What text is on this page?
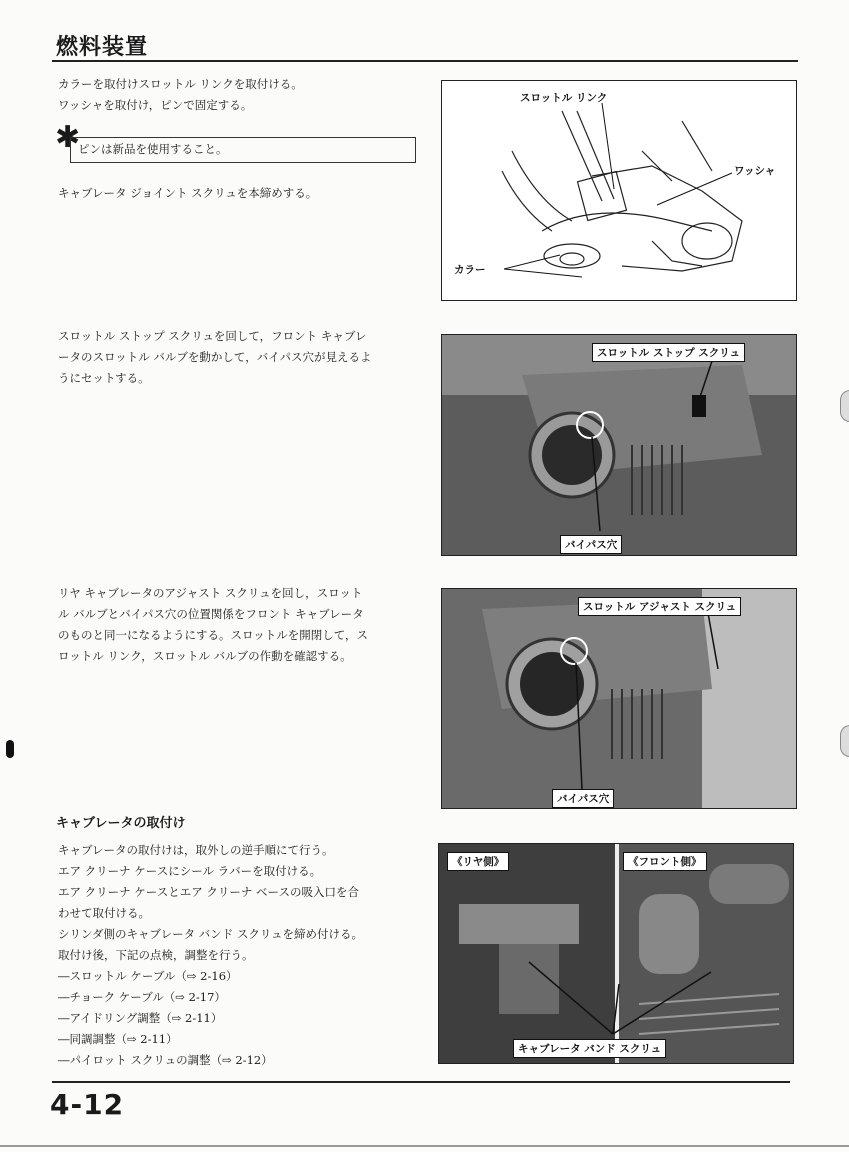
燃料装置
カラーを取付けスロットル リンクを取付ける。
ワッシャを取付け，ピンで固定する。
✱
ピンは新品を使用すること。
キャブレータ ジョイント スクリュを本締めする。
スロットル リンク
ワッシャ
カラー
スロットル ストップ スクリュを回して，フロント キャブレ
ータのスロットル バルブを動かして，バイパス穴が見えるよ
うにセットする。
スロットル ストップ スクリュ
バイパス穴
リヤ キャブレータのアジャスト スクリュを回し，スロット
ル バルブとバイパス穴の位置関係をフロント キャブレータ
のものと同一になるようにする。スロットルを開閉して，ス
ロットル リンク，スロットル バルブの作動を確認する。
スロットル アジャスト スクリュ
バイパス穴
キャブレータの取付け
キャブレータの取付けは，取外しの逆手順にて行う。
エア クリーナ ケースにシール ラバーを取付ける。
エア クリーナ ケースとエア クリーナ ベースの吸入口を合
わせて取付ける。
シリンダ側のキャブレータ バンド スクリュを締め付ける。
取付け後，下記の点検，調整を行う。
―スロットル ケーブル（⇨ 2-16）
―チョーク ケーブル（⇨ 2-17）
―アイドリング調整（⇨ 2-11）
―同調調整（⇨ 2-11）
―パイロット スクリュの調整（⇨ 2-12）
《リヤ側》	《フロント側》
キャブレータ バンド スクリュ
4-12
